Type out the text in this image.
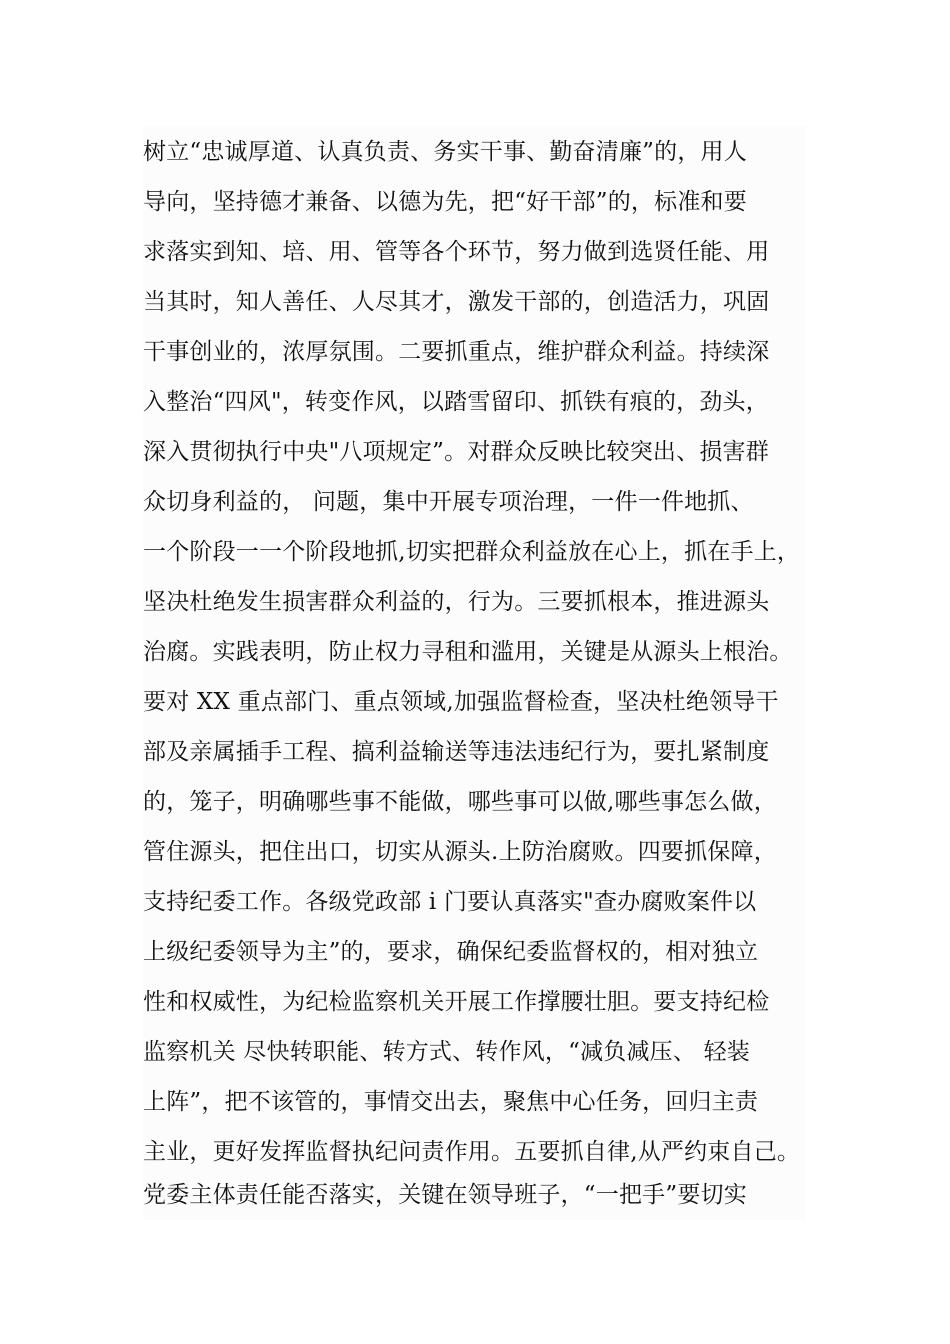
树立“忠诚厚道、认真负责、务实干事、勤奋清廉”的，用人
导向，坚持德才兼备、以德为先，把“好干部”的，标准和要
求落实到知、培、用、管等各个环节，努力做到选贤任能、用
当其时，知人善任、人尽其才，激发干部的，创造活力，巩固
干事创业的，浓厚氛围。二要抓重点，维护群众利益。持续深
入整治“四风"，转变作风，以踏雪留印、抓铁有痕的，劲头，
深入贯彻执行中央"八项规定”。对群众反映比较突出、损害群
众切身利益的， 问题，集中开展专项治理，一件一件地抓、
一个阶段一一个阶段地抓,切实把群众利益放在心上，抓在手上，
坚决杜绝发生损害群众利益的，行为。三要抓根本，推进源头
治腐。实践表明，防止权力寻租和滥用，关键是从源头上根治。
要对 XX 重点部门、重点领域,加强监督检查，坚决杜绝领导干
部及亲属插手工程、搞利益输送等违法违纪行为，要扎紧制度
的，笼子，明确哪些事不能做，哪些事可以做,哪些事怎么做，
管住源头，把住出口，切实从源头.上防治腐败。四要抓保障，
支持纪委工作。各级党政部 i 门要认真落实"查办腐败案件以
上级纪委领导为主”的，要求，确保纪委监督权的，相对独立
性和权威性，为纪检监察机关开展工作撑腰壮胆。要支持纪检
监察机关 尽快转职能、转方式、转作风，“减负减压、 轻装
上阵”，把不该管的，事情交出去，聚焦中心任务，回归主责
主业，更好发挥监督执纪问责作用。五要抓自律,从严约束自己。
党委主体责任能否落实，关键在领导班子，“一把手”要切实
